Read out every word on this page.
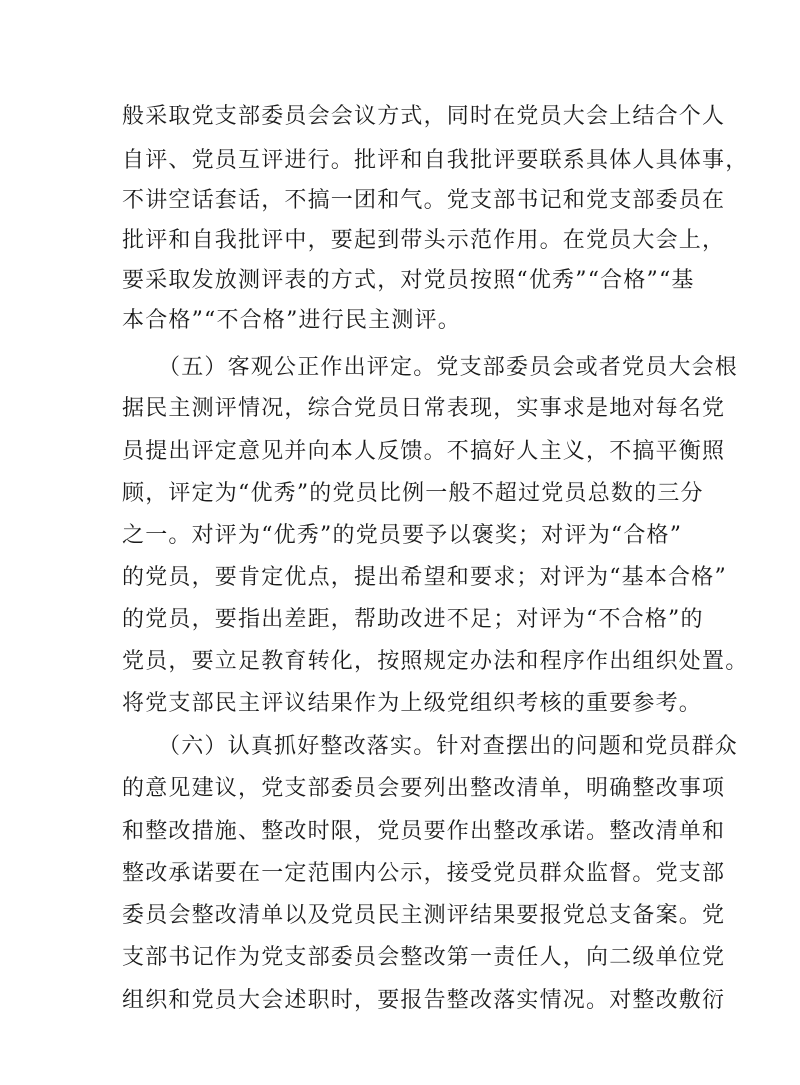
般采取党支部委员会会议方式，同时在党员大会上结合个人
自评、党员互评进行。批评和自我批评要联系具体人具体事，
不讲空话套话，不搞一团和气。党支部书记和党支部委员在
批评和自我批评中，要起到带头示范作用。在党员大会上，
要采取发放测评表的方式，对党员按照“优秀”“合格”“基
本合格”“不合格”进行民主测评。
（五）客观公正作出评定。党支部委员会或者党员大会根
据民主测评情况，综合党员日常表现，实事求是地对每名党
员提出评定意见并向本人反馈。不搞好人主义，不搞平衡照
顾，评定为“优秀”的党员比例一般不超过党员总数的三分
之一。对评为“优秀”的党员要予以褒奖；对评为“合格”
的党员，要肯定优点，提出希望和要求；对评为“基本合格”
的党员，要指出差距，帮助改进不足；对评为“不合格”的
党员，要立足教育转化，按照规定办法和程序作出组织处置。
将党支部民主评议结果作为上级党组织考核的重要参考。
（六）认真抓好整改落实。针对查摆出的问题和党员群众
的意见建议，党支部委员会要列出整改清单，明确整改事项
和整改措施、整改时限，党员要作出整改承诺。整改清单和
整改承诺要在一定范围内公示，接受党员群众监督。党支部
委员会整改清单以及党员民主测评结果要报党总支备案。党
支部书记作为党支部委员会整改第一责任人，向二级单位党
组织和党员大会述职时，要报告整改落实情况。对整改敷衍
